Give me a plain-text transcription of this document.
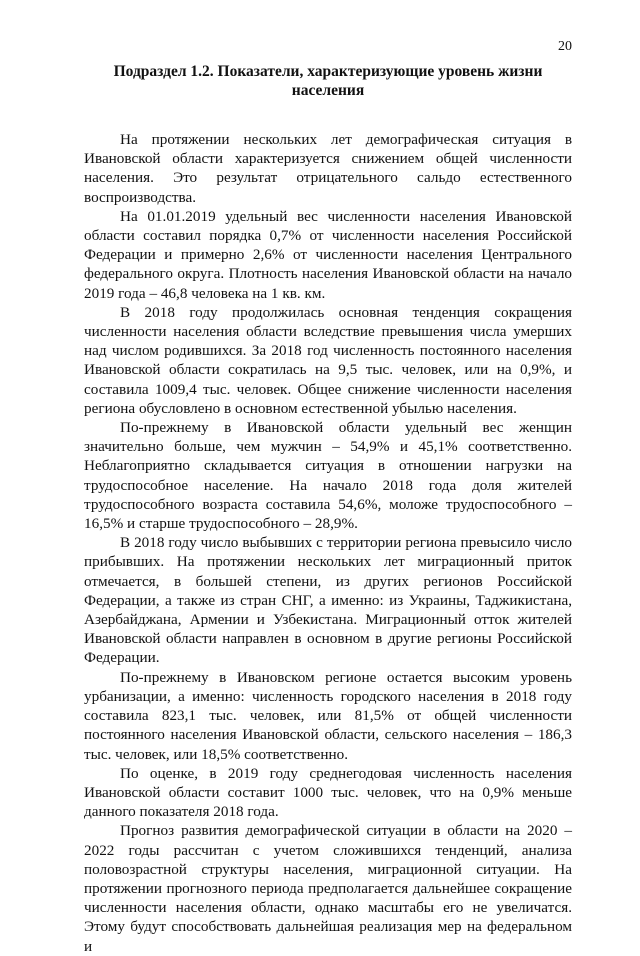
20
Подраздел 1.2. Показатели, характеризующие уровень жизни
населения

На протяжении нескольких лет демографическая ситуация в Ивановской области характеризуется снижением общей численности населения. Это результат отрицательного сальдо естественного воспроизводства.

На 01.01.2019 удельный вес численности населения Ивановской области составил порядка 0,7% от численности населения Российской Федерации и примерно 2,6% от численности населения Центрального федерального округа. Плотность населения Ивановской области на начало 2019 года – 46,8 человека на 1 кв. км.

В 2018 году продолжилась основная тенденция сокращения численности населения области вследствие превышения числа умерших над числом родившихся. За 2018 год численность постоянного населения Ивановской области сократилась на 9,5 тыс. человек, или на 0,9%, и составила 1009,4 тыс. человек. Общее снижение численности населения региона обусловлено в основном естественной убылью населения.

По-прежнему в Ивановской области удельный вес женщин значительно больше, чем мужчин – 54,9% и 45,1% соответственно. Неблагоприятно складывается ситуация в отношении нагрузки на трудоспособное население. На начало 2018 года доля жителей трудоспособного возраста составила 54,6%, моложе трудоспособного – 16,5% и старше трудоспособного – 28,9%.

В 2018 году число выбывших с территории региона превысило число прибывших. На протяжении нескольких лет миграционный приток отмечается, в большей степени, из других регионов Российской Федерации, а также из стран СНГ, а именно: из Украины, Таджикистана, Азербайджана, Армении и Узбекистана. Миграционный отток жителей Ивановской области направлен в основном в другие регионы Российской Федерации.

По-прежнему в Ивановском регионе остается высоким уровень урбанизации, а именно: численность городского населения в 2018 году составила 823,1 тыс. человек, или 81,5% от общей численности постоянного населения Ивановской области, сельского населения – 186,3 тыс. человек, или 18,5% соответственно.

По оценке, в 2019 году среднегодовая численность населения Ивановской области составит 1000 тыс. человек, что на 0,9% меньше данного показателя 2018 года.

Прогноз развития демографической ситуации в области на 2020 – 2022 годы рассчитан с учетом сложившихся тенденций, анализа половозрастной структуры населения, миграционной ситуации. На протяжении прогнозного периода предполагается дальнейшее сокращение численности населения области, однако масштабы его не увеличатся. Этому будут способствовать дальнейшая реализация мер на федеральном и
